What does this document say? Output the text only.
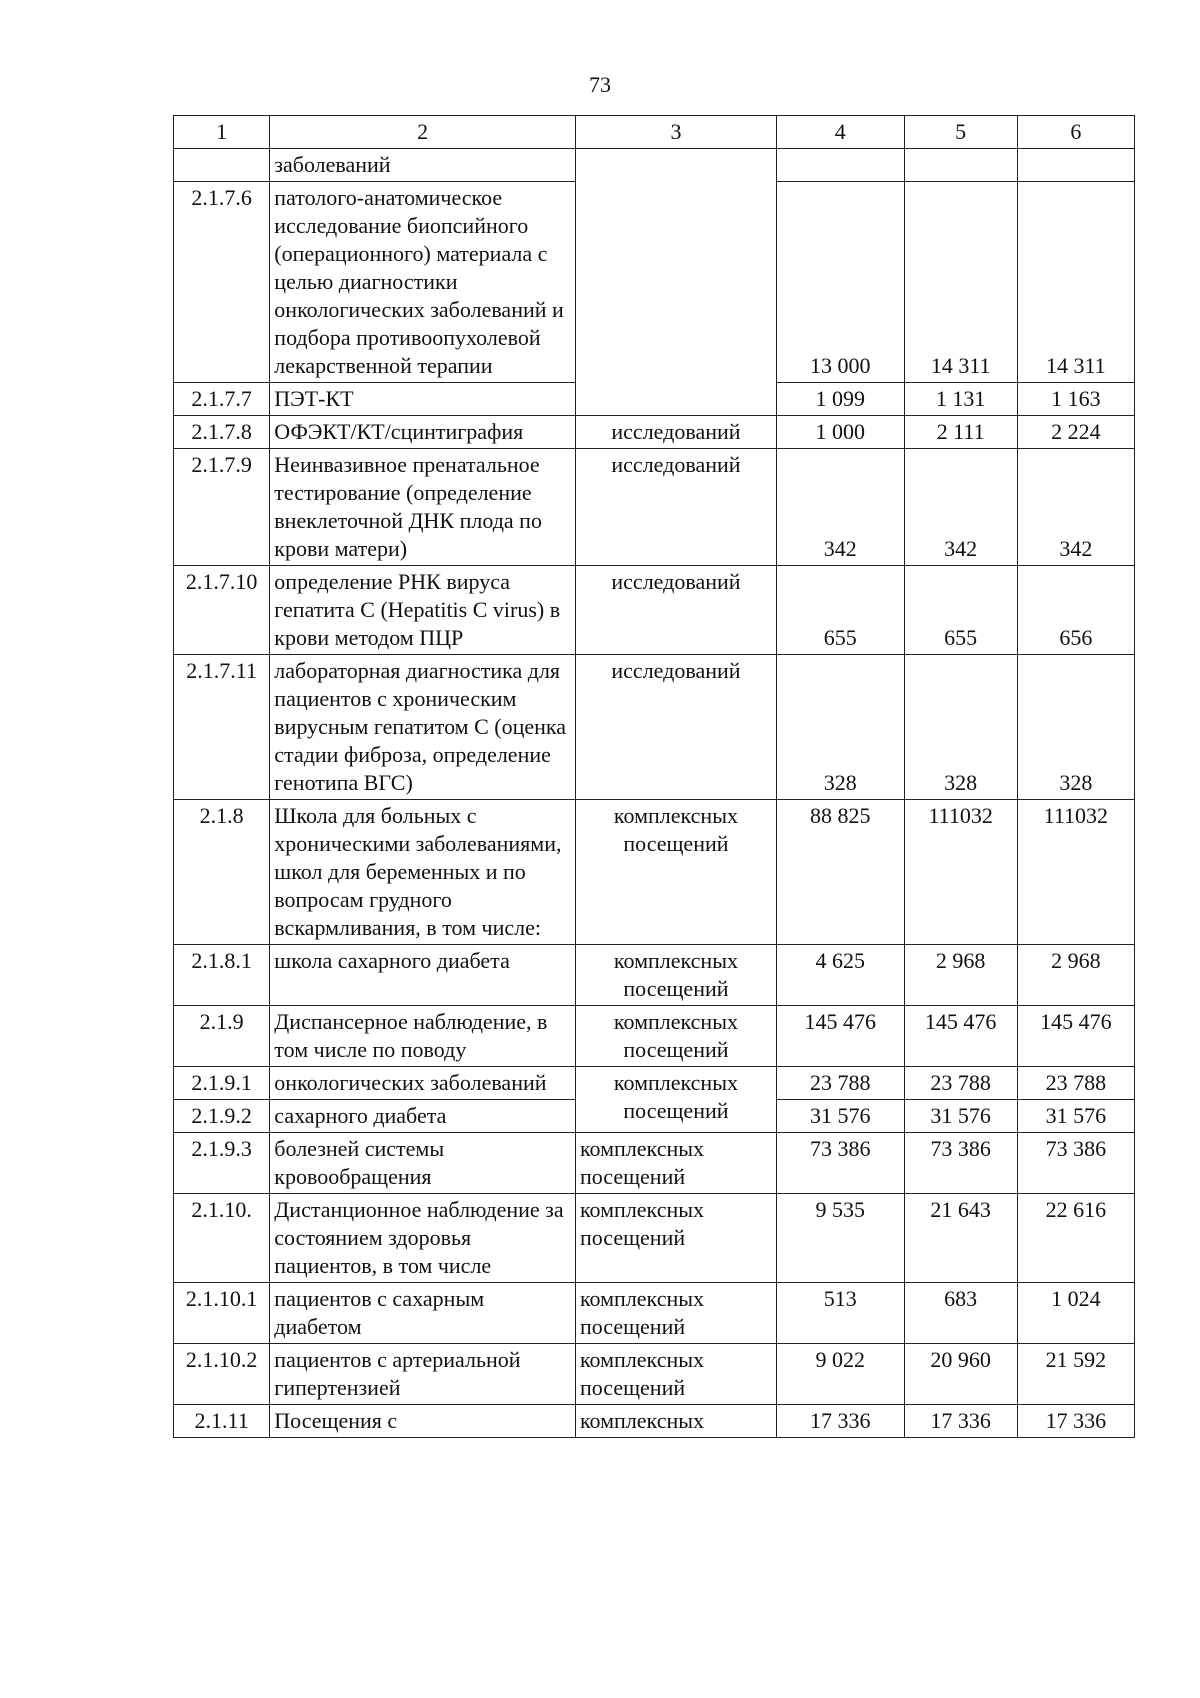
73
1	2	3	4	5	6
	заболеваний				
2.1.7.6	патолого-анатомическое исследование биопсийного (операционного) материала с целью диагностики онкологических заболеваний и подбора противоопухолевой лекарственной терапии		13 000	14 311	14 311
2.1.7.7	ПЭТ-КТ		1 099	1 131	1 163
2.1.7.8	ОФЭКТ/КТ/сцинтиграфия	исследований	1 000	2 111	2 224
2.1.7.9	Неинвазивное пренатальное тестирование (определение внеклеточной ДНК плода по крови матери)	исследований	342	342	342
2.1.7.10	определение РНК вируса гепатита С (Hepatitis C virus) в крови методом ПЦР	исследований	655	655	656
2.1.7.11	лабораторная диагностика для пациентов с хроническим вирусным гепатитом С (оценка стадии фиброза, определение генотипа ВГС)	исследований	328	328	328
2.1.8	Школа для больных с хроническими заболеваниями, школ для беременных и по вопросам грудного вскармливания, в том числе:	комплексных посещений	88 825	111032	111032
2.1.8.1	школа сахарного диабета	комплексных посещений	4 625	2 968	2 968
2.1.9	Диспансерное наблюдение, в том числе по поводу	комплексных посещений	145 476	145 476	145 476
2.1.9.1	онкологических заболеваний	комплексных посещений	23 788	23 788	23 788
2.1.9.2	сахарного диабета		31 576	31 576	31 576
2.1.9.3	болезней системы кровообращения	комплексных посещений	73 386	73 386	73 386
2.1.10.	Дистанционное наблюдение за состоянием здоровья пациентов, в том числе	комплексных посещений	9 535	21 643	22 616
2.1.10.1	пациентов с сахарным диабетом	комплексных посещений	513	683	1 024
2.1.10.2	пациентов с артериальной гипертензией	комплексных посещений	9 022	20 960	21 592
2.1.11	Посещения с	комплексных	17 336	17 336	17 336
